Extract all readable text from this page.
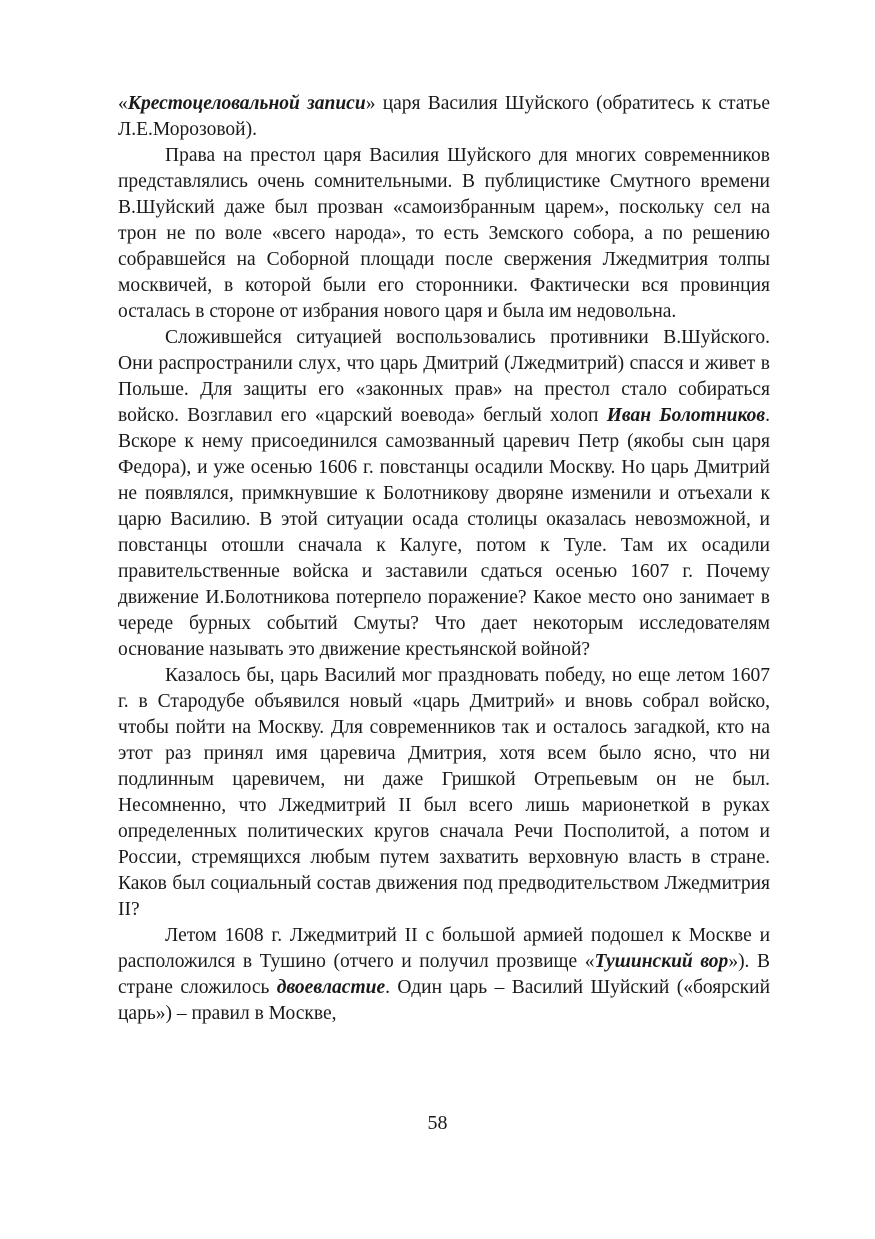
«Крестоцеловальной записи» царя Василия Шуйского (обратитесь к статье Л.Е.Морозовой).

Права на престол царя Василия Шуйского для многих современников представлялись очень сомнительными. В публицистике Смутного времени В.Шуйский даже был прозван «самоизбранным царем», поскольку сел на трон не по воле «всего народа», то есть Земского собора, а по решению собравшейся на Соборной площади после свержения Лжедмитрия толпы москвичей, в которой были его сторонники. Фактически вся провинция осталась в стороне от избрания нового царя и была им недовольна.

Сложившейся ситуацией воспользовались противники В.Шуйского. Они распространили слух, что царь Дмитрий (Лжедмитрий) спасся и живет в Польше. Для защиты его «законных прав» на престол стало собираться войско. Возглавил его «царский воевода» беглый холоп Иван Болотников. Вскоре к нему присоединился самозванный царевич Петр (якобы сын царя Федора), и уже осенью 1606 г. повстанцы осадили Москву. Но царь Дмитрий не появлялся, примкнувшие к Болотникову дворяне изменили и отъехали к царю Василию. В этой ситуации осада столицы оказалась невозможной, и повстанцы отошли сначала к Калуге, потом к Туле. Там их осадили правительственные войска и заставили сдаться осенью 1607 г. Почему движение И.Болотникова потерпело поражение? Какое место оно занимает в череде бурных событий Смуты? Что дает некоторым исследователям основание называть это движение крестьянской войной?

Казалось бы, царь Василий мог праздновать победу, но еще летом 1607 г. в Стародубе объявился новый «царь Дмитрий» и вновь собрал войско, чтобы пойти на Москву. Для современников так и осталось загадкой, кто на этот раз принял имя царевича Дмитрия, хотя всем было ясно, что ни подлинным царевичем, ни даже Гришкой Отрепьевым он не был. Несомненно, что Лжедмитрий II был всего лишь марионеткой в руках определенных политических кругов сначала Речи Посполитой, а потом и России, стремящихся любым путем захватить верховную власть в стране. Каков был социальный состав движения под предводительством Лжедмитрия II?

Летом 1608 г. Лжедмитрий II с большой армией подошел к Москве и расположился в Тушино (отчего и получил прозвище «Тушинский вор»). В стране сложилось двоевластие. Один царь – Василий Шуйский («боярский царь») – правил в Москве,

58
